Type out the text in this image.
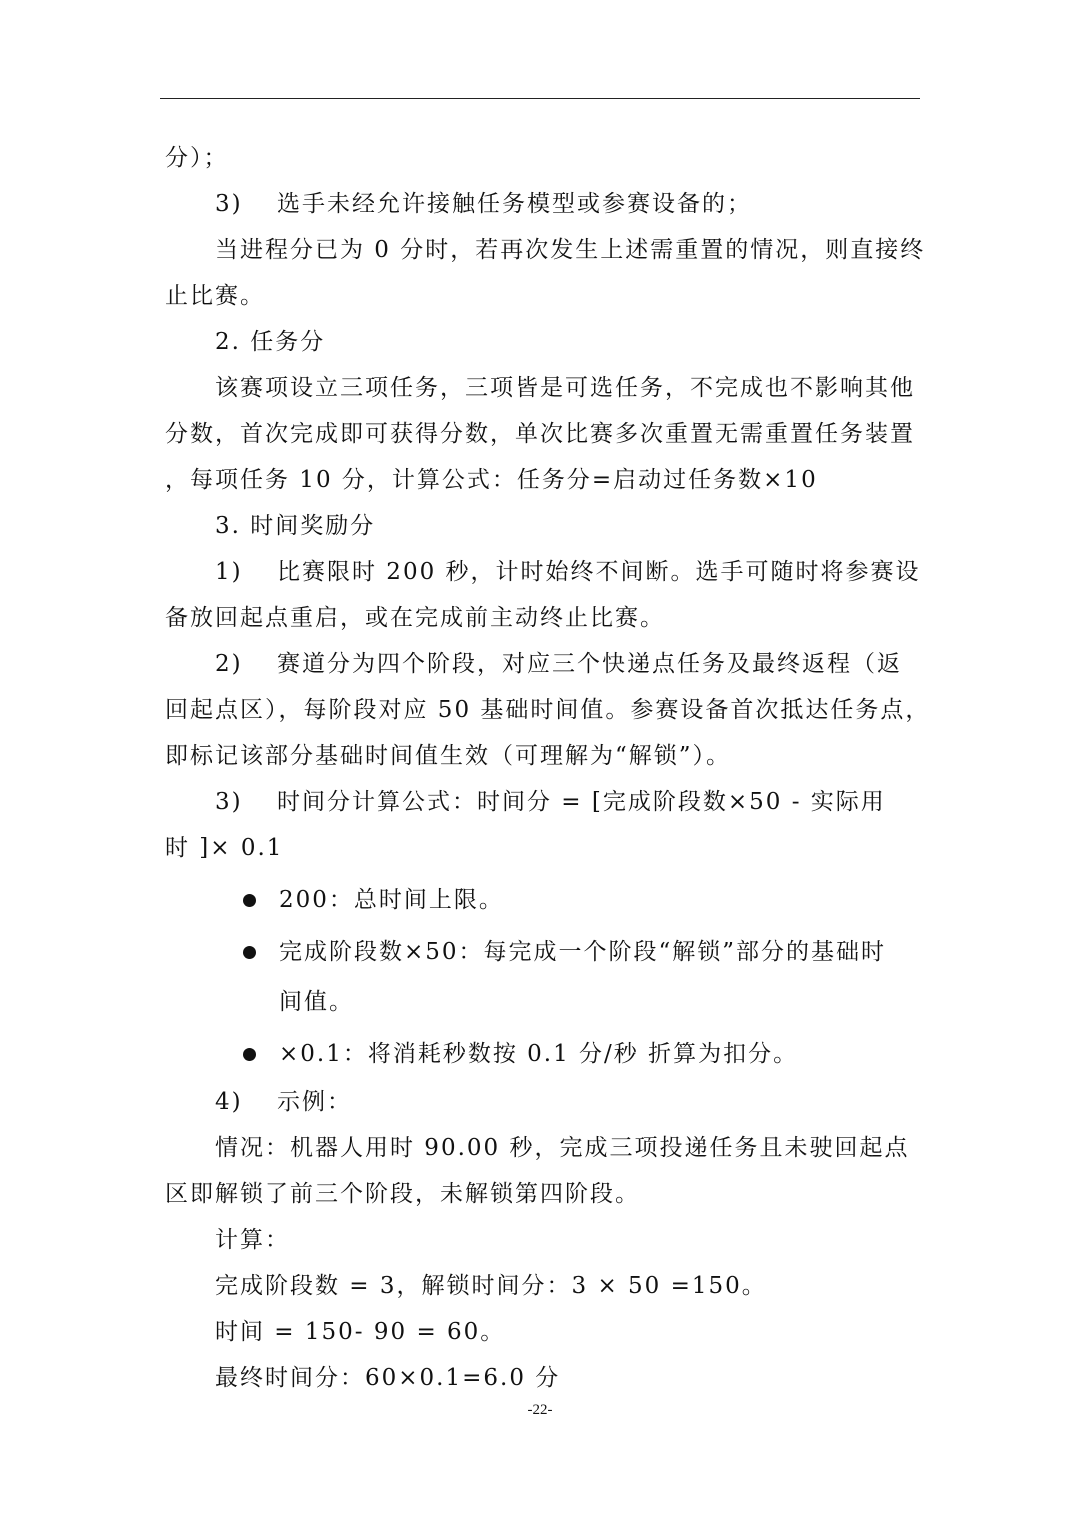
分）；
3) 选手未经允许接触任务模型或参赛设备的；
当进程分已为 0 分时，若再次发生上述需重置的情况，则直接终
止比赛。
2. 任务分
该赛项设立三项任务，三项皆是可选任务，不完成也不影响其他
分数，首次完成即可获得分数，单次比赛多次重置无需重置任务装置
，每项任务 10 分，计算公式：任务分=启动过任务数×10
3. 时间奖励分
1) 比赛限时 200 秒，计时始终不间断。选手可随时将参赛设
备放回起点重启，或在完成前主动终止比赛。
2) 赛道分为四个阶段，对应三个快递点任务及最终返程（返
回起点区），每阶段对应 50 基础时间值。参赛设备首次抵达任务点，
即标记该部分基础时间值生效（可理解为“解锁”）。
3) 时间分计算公式：时间分 = [完成阶段数×50 - 实际用
时 ]× 0.1
200：总时间上限。
完成阶段数×50：每完成一个阶段“解锁”部分的基础时
间值。
×0.1：将消耗秒数按 0.1 分/秒 折算为扣分。
4) 示例：
情况：机器人用时 90.00 秒，完成三项投递任务且未驶回起点
区即解锁了前三个阶段，未解锁第四阶段。
计算：
完成阶段数 = 3，解锁时间分：3 × 50 =150。
时间 = 150- 90 = 60。
最终时间分：60×0.1=6.0 分
-22-
